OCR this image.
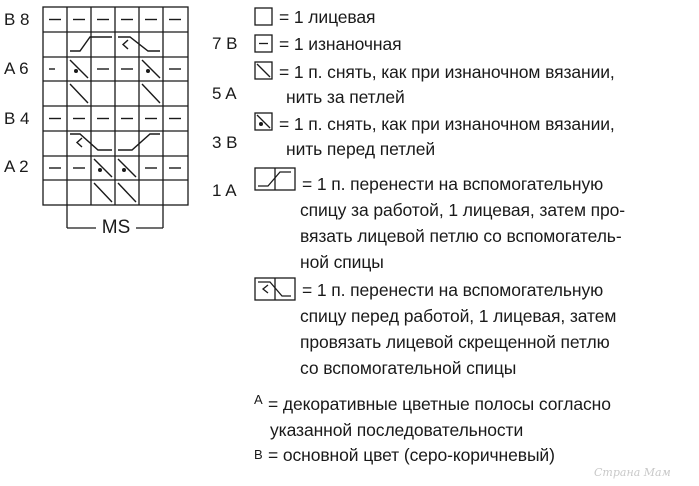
B 8
A 6
B 4
A 2
7 B
5 A
3 B
1 A
MS
= 1 лицевая
= 1 изнаночная
= 1 п. снять, как при изнаночном вязании,
нить за петлей
= 1 п. снять, как при изнаночном вязании,
нить перед петлей
= 1 п. перенести на вспомогательную
спицу за работой, 1 лицевая, затем про-
вязать лицевой петлю со вспомогатель-
ной спицы
= 1 п. перенести на вспомогательную
спицу перед работой, 1 лицевая, затем
провязать лицевой скрещенной петлю
со вспомогательной спицы
A = декоративные цветные полосы согласно
указанной последовательности
B = основной цвет (серо-коричневый)
Страна Мам
